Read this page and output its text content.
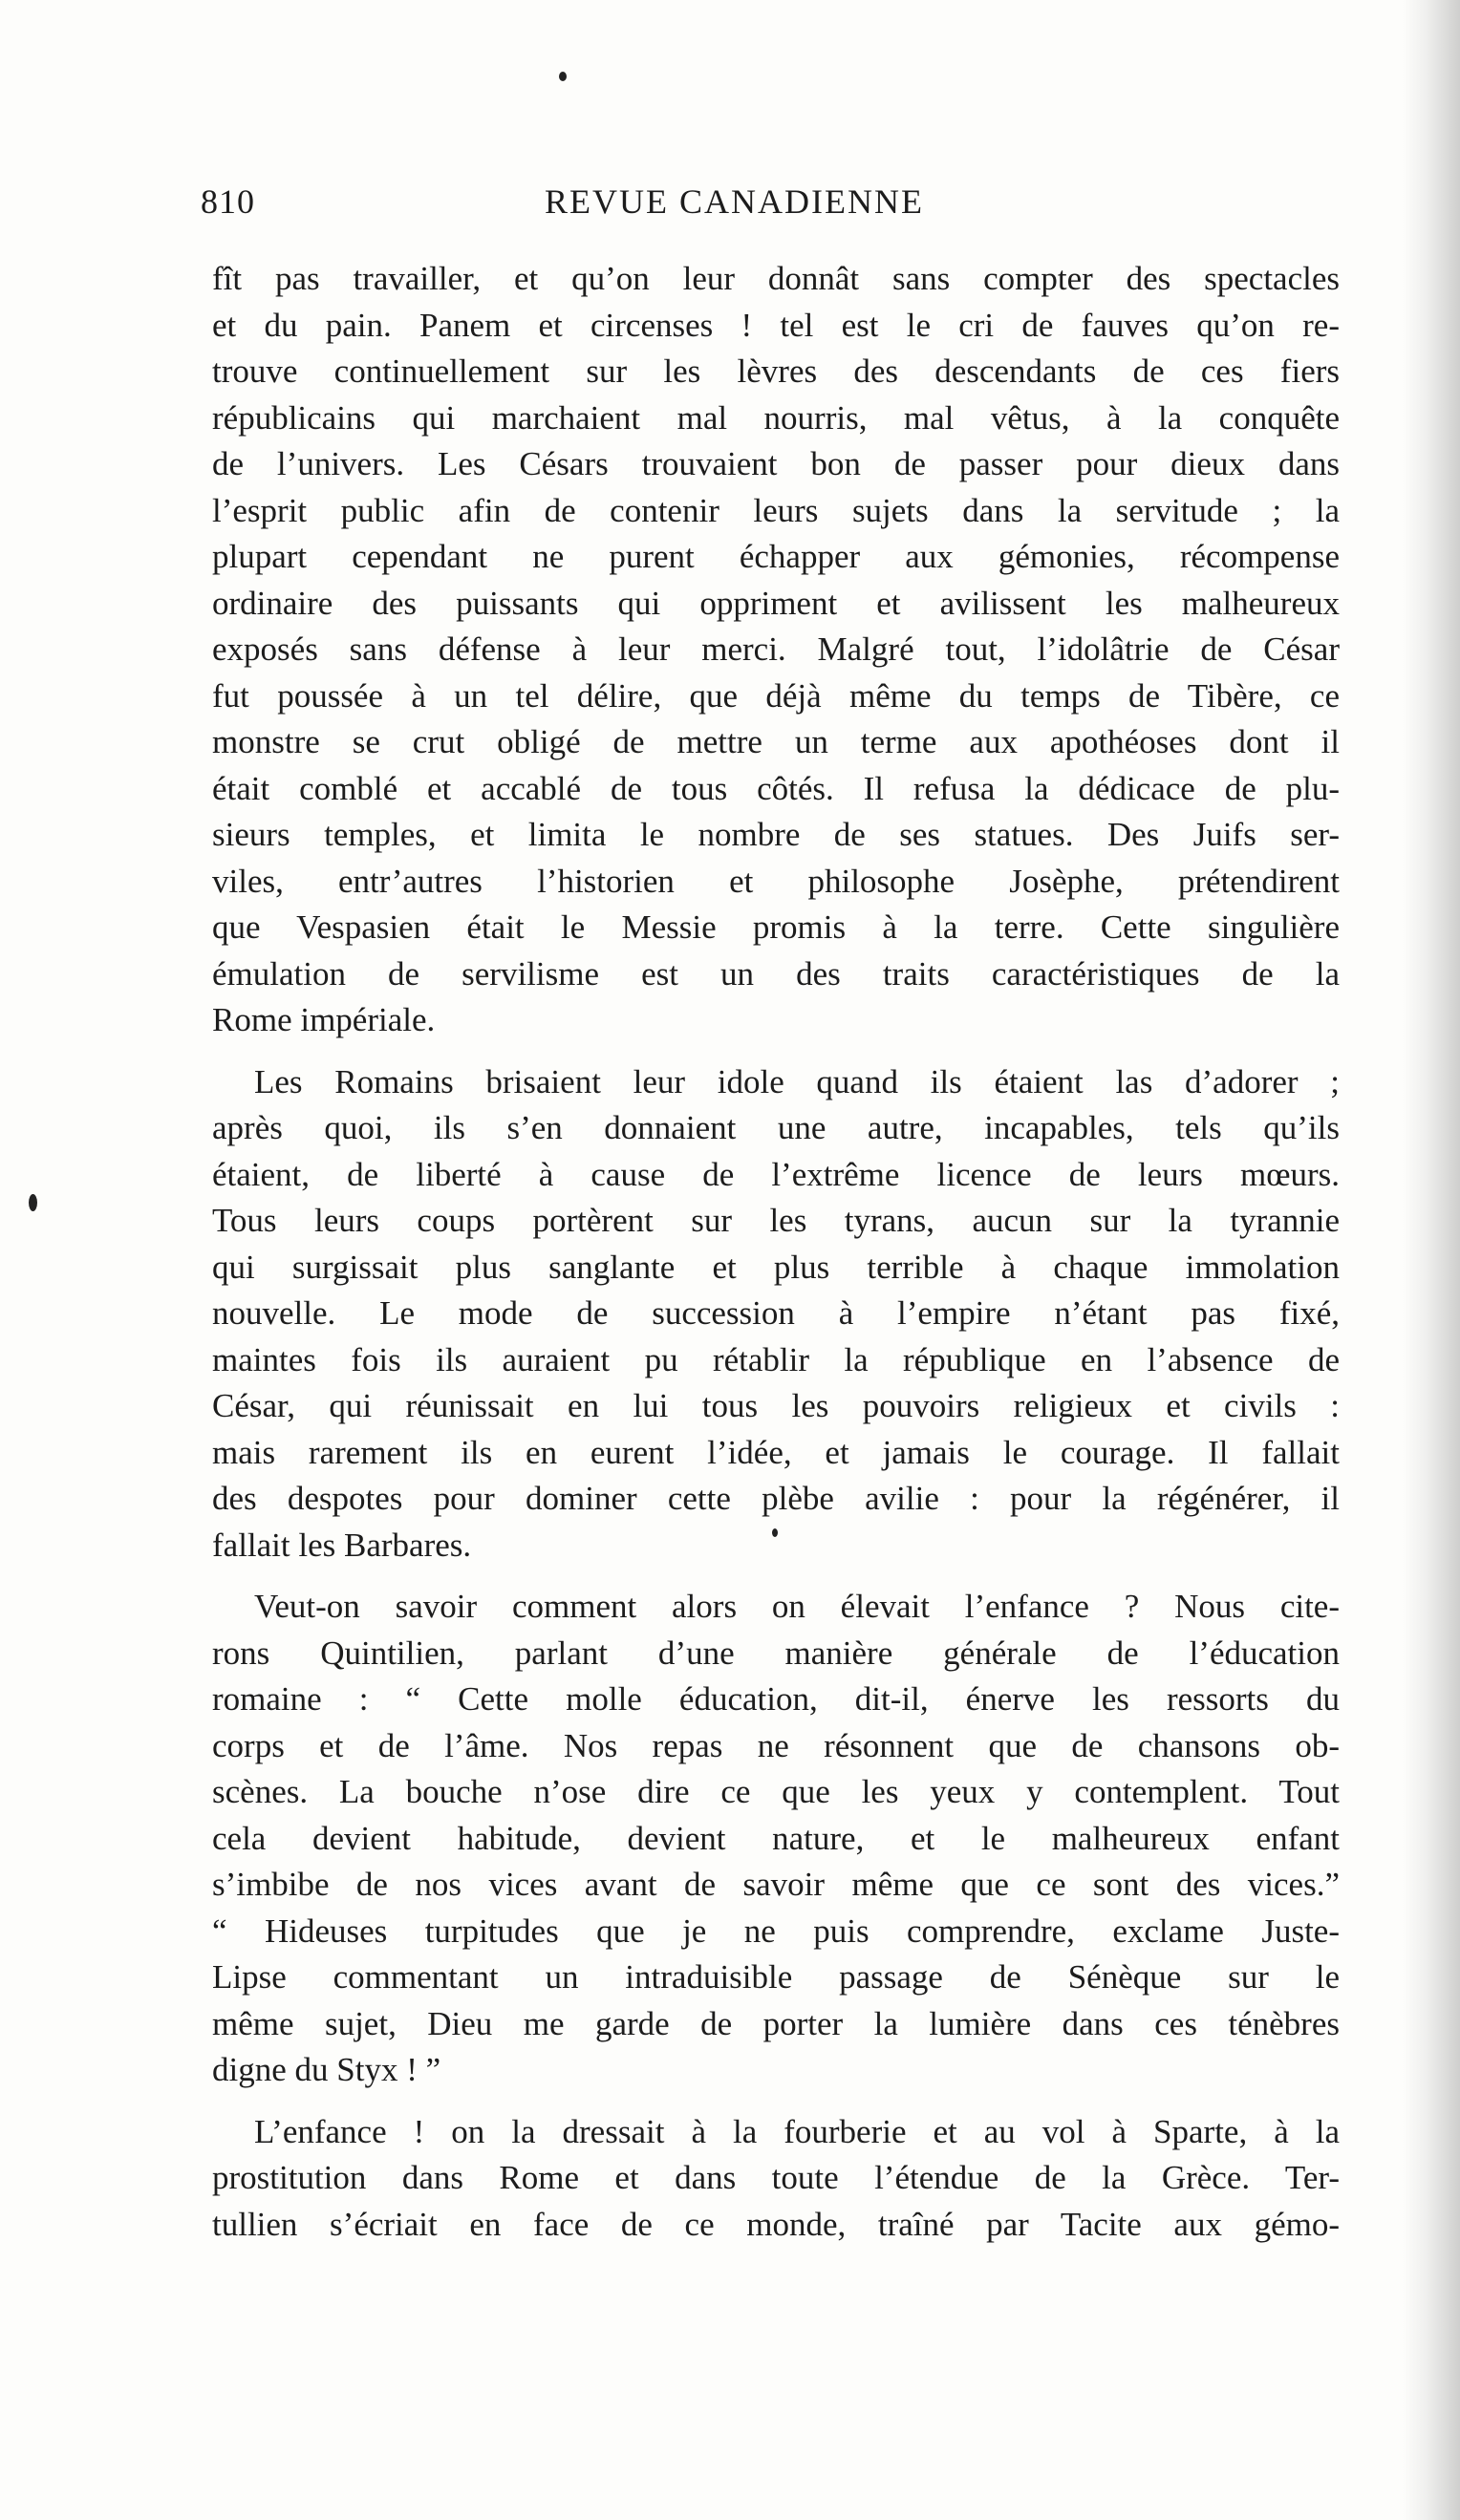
810	REVUE CANADIENNE
fît pas travailler, et qu’on leur donnât sans compter des spectacles
et du pain. Panem et circenses ! tel est le cri de fauves qu’on re-
trouve continuellement sur les lèvres des descendants de ces fiers
républicains qui marchaient mal nourris, mal vêtus, à la conquête
de l’univers. Les Césars trouvaient bon de passer pour dieux dans
l’esprit public afin de contenir leurs sujets dans la servitude ; la
plupart cependant ne purent échapper aux gémonies, récompense
ordinaire des puissants qui oppriment et avilissent les malheureux
exposés sans défense à leur merci. Malgré tout, l’idolâtrie de César
fut poussée à un tel délire, que déjà même du temps de Tibère, ce
monstre se crut obligé de mettre un terme aux apothéoses dont il
était comblé et accablé de tous côtés. Il refusa la dédicace de plu-
sieurs temples, et limita le nombre de ses statues. Des Juifs ser-
viles, entr’autres l’historien et philosophe Josèphe, prétendirent
que Vespasien était le Messie promis à la terre. Cette singulière
émulation de servilisme est un des traits caractéristiques de la
Rome impériale.
Les Romains brisaient leur idole quand ils étaient las d’adorer ;
après quoi, ils s’en donnaient une autre, incapables, tels qu’ils
étaient, de liberté à cause de l’extrême licence de leurs mœurs.
Tous leurs coups portèrent sur les tyrans, aucun sur la tyrannie
qui surgissait plus sanglante et plus terrible à chaque immolation
nouvelle. Le mode de succession à l’empire n’étant pas fixé,
maintes fois ils auraient pu rétablir la république en l’absence de
César, qui réunissait en lui tous les pouvoirs religieux et civils :
mais rarement ils en eurent l’idée, et jamais le courage. Il fallait
des despotes pour dominer cette plèbe avilie : pour la régénérer, il
fallait les Barbares.
Veut-on savoir comment alors on élevait l’enfance ? Nous cite-
rons Quintilien, parlant d’une manière générale de l’éducation
romaine : “ Cette molle éducation, dit-il, énerve les ressorts du
corps et de l’âme. Nos repas ne résonnent que de chansons ob-
scènes. La bouche n’ose dire ce que les yeux y contemplent. Tout
cela devient habitude, devient nature, et le malheureux enfant
s’imbibe de nos vices avant de savoir même que ce sont des vices.”
“ Hideuses turpitudes que je ne puis comprendre, exclame Juste-
Lipse commentant un intraduisible passage de Sénèque sur le
même sujet, Dieu me garde de porter la lumière dans ces ténèbres
digne du Styx ! ”
L’enfance ! on la dressait à la fourberie et au vol à Sparte, à la
prostitution dans Rome et dans toute l’étendue de la Grèce. Ter-
tullien s’écriait en face de ce monde, traîné par Tacite aux gémo-
